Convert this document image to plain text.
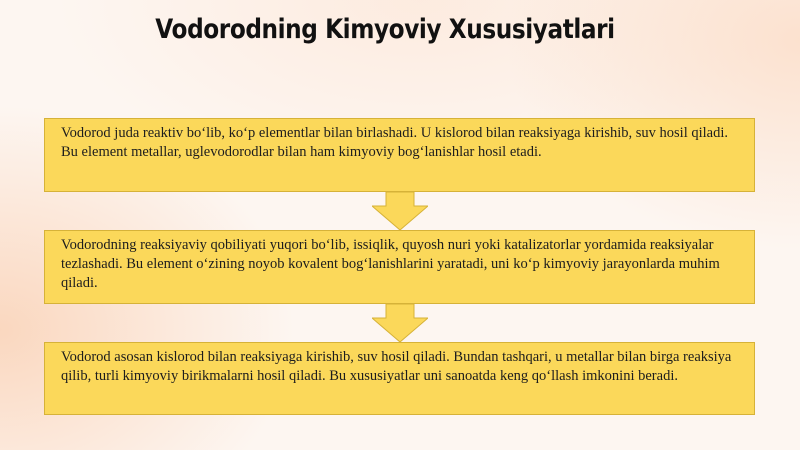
Vodorodning Kimyoviy Xususiyatlari
Vodorod juda reaktiv bo‘lib, ko‘p elementlar bilan birlashadi. U kislorod bilan reaksiyaga kirishib, suv hosil qiladi. Bu element metallar, uglevodorodlar bilan ham kimyoviy bog‘lanishlar hosil etadi.
Vodorodning reaksiyaviy qobiliyati yuqori bo‘lib, issiqlik, quyosh nuri yoki katalizatorlar yordamida reaksiyalar tezlashadi. Bu element o‘zining noyob kovalent bog‘lanishlarini yaratadi, uni ko‘p kimyoviy jarayonlarda muhim qiladi.
Vodorod asosan kislorod bilan reaksiyaga kirishib, suv hosil qiladi. Bundan tashqari, u metallar bilan birga reaksiya qilib, turli kimyoviy birikmalarni hosil qiladi. Bu xususiyatlar uni sanoatda keng qo‘llash imkonini beradi.
